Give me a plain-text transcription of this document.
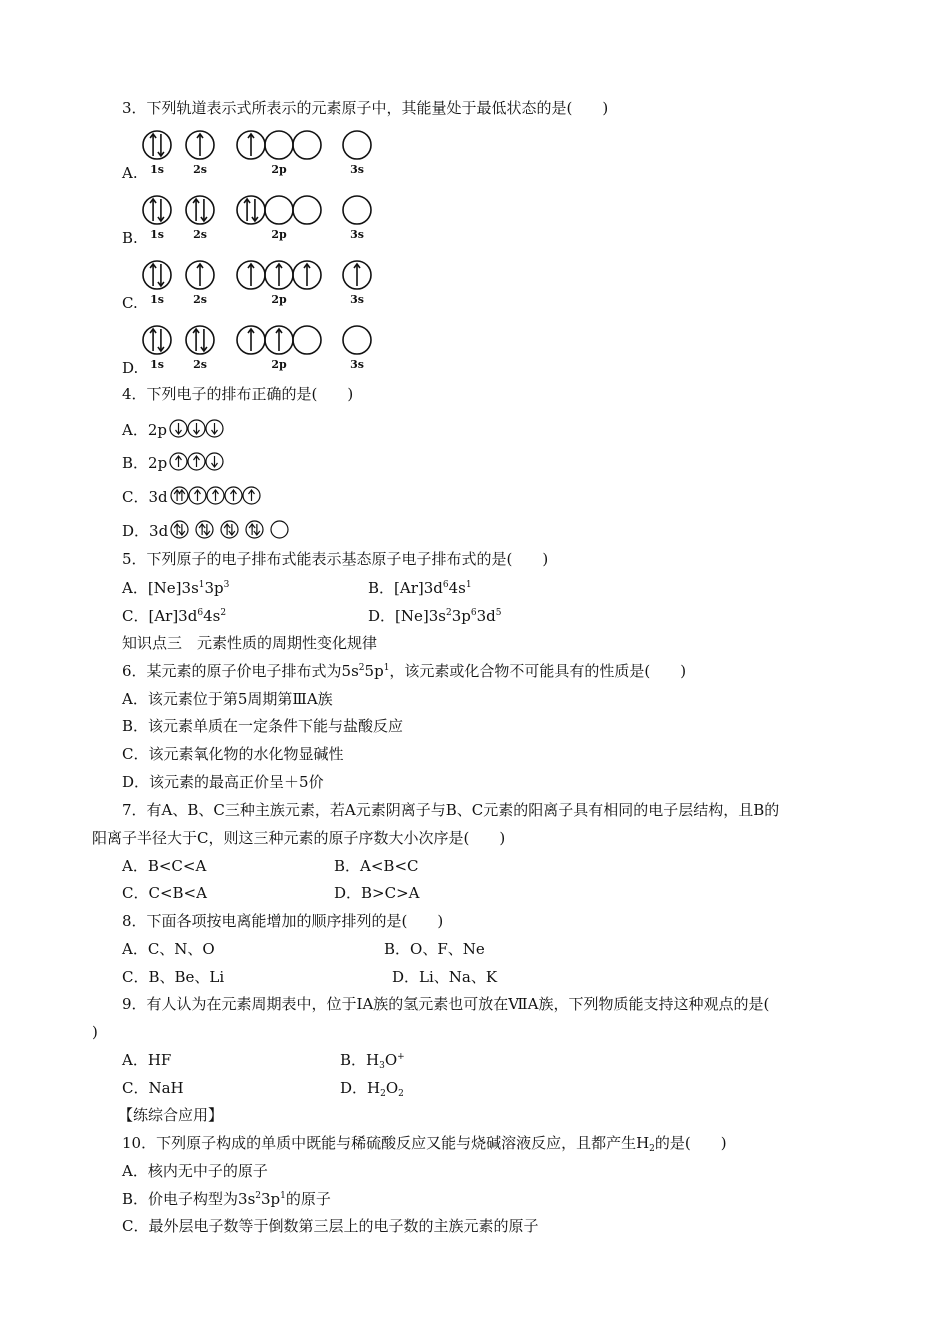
3．下列轨道表示式所表示的元素原子中，其能量处于最低状态的是(　　)
A.	1s	2s	2p	3s
B.	1s	2s	2p	3s
C.	1s	2s	2p	3s
D.	1s	2s	2p	3s
4．下列电子的排布正确的是(　　)
A．2p
B．2p
C．3d
D．3d
5．下列原子的电子排布式能表示基态原子电子排布式的是(　　)
A．$[Ne]3s^13p^3$	B．$[Ar]3d^64s^1$
C．$[Ar]3d^64s^2$	D．$[Ne]3s^23p^63d^5$
知识点三　元素性质的周期性变化规律
6．某元素的原子价电子排布式为$5s^25p^1$，该元素或化合物不可能具有的性质是(　　)
A．该元素位于第5周期第ⅢA族
B．该元素单质在一定条件下能与盐酸反应
C．该元素氧化物的水化物显碱性
D．该元素的最高正价呈＋5价
7．有A、B、C三种主族元素，若A元素阴离子与B、C元素的阳离子具有相同的电子层结构，且B的
阳离子半径大于C，则这三种元素的原子序数大小次序是(　　)
A．B<C<A	B．A<B<C
C．C<B<A	D．B>C>A
8．下面各项按电离能增加的顺序排列的是(　　)
A．C、N、O	B．O、F、Ne
C．B、Be、Li	D．Li、Na、K
9．有人认为在元素周期表中，位于ⅠA族的氢元素也可放在ⅦA族，下列物质能支持这种观点的是(
)
A．HF	B．$H_3O^+$
C．NaH	D．$H_2O_2$
【练综合应用】
10．下列原子构成的单质中既能与稀硫酸反应又能与烧碱溶液反应，且都产生$H_2$的是(　　)
A．核内无中子的原子
B．价电子构型为$3s^23p^1$的原子
C．最外层电子数等于倒数第三层上的电子数的主族元素的原子
